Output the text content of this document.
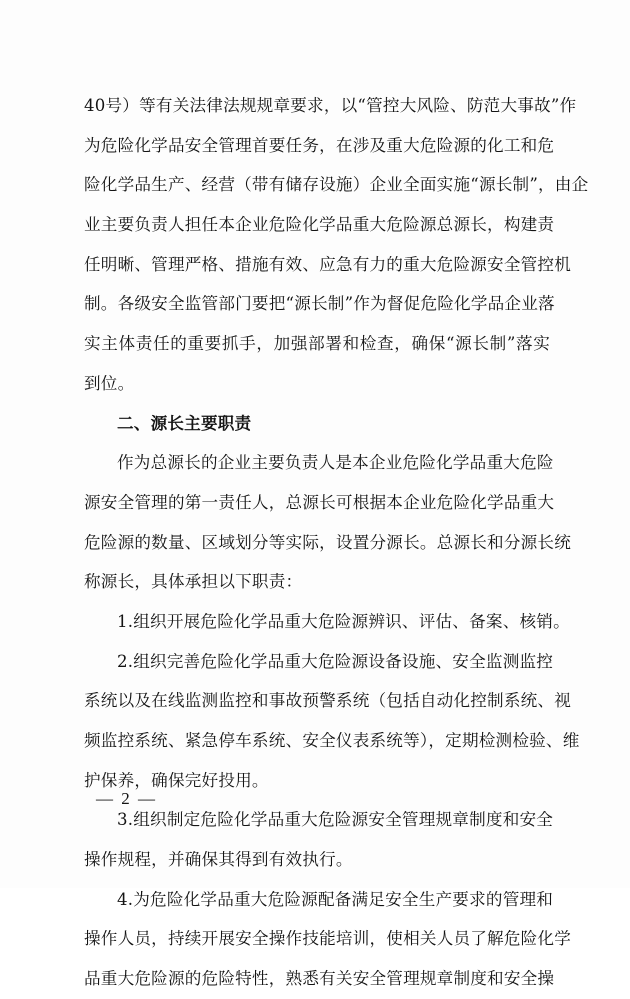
40号）等有关法律法规规章要求，以“管控大风险、防范大事故”作
为危险化学品安全管理首要任务，在涉及重大危险源的化工和危
险化学品生产、经营（带有储存设施）企业全面实施“源长制”，由企
业主要负责人担任本企业危险化学品重大危险源总源长，构建责
任明晰、管理严格、措施有效、应急有力的重大危险源安全管控机
制。各级安全监管部门要把“源长制”作为督促危险化学品企业落
实主体责任的重要抓手，加强部署和检查，确保“源长制”落实
到位。
二、源长主要职责
作为总源长的企业主要负责人是本企业危险化学品重大危险
源安全管理的第一责任人，总源长可根据本企业危险化学品重大
危险源的数量、区域划分等实际，设置分源长。总源长和分源长统
称源长，具体承担以下职责：
1.组织开展危险化学品重大危险源辨识、评估、备案、核销。
2.组织完善危险化学品重大危险源设备设施、安全监测监控
系统以及在线监测监控和事故预警系统（包括自动化控制系统、视
频监控系统、紧急停车系统、安全仪表系统等），定期检测检验、维
护保养，确保完好投用。
3.组织制定危险化学品重大危险源安全管理规章制度和安全
操作规程，并确保其得到有效执行。
4.为危险化学品重大危险源配备满足安全生产要求的管理和
操作人员，持续开展安全操作技能培训，使相关人员了解危险化学
品重大危险源的危险特性，熟悉有关安全管理规章制度和安全操
— 2 —
